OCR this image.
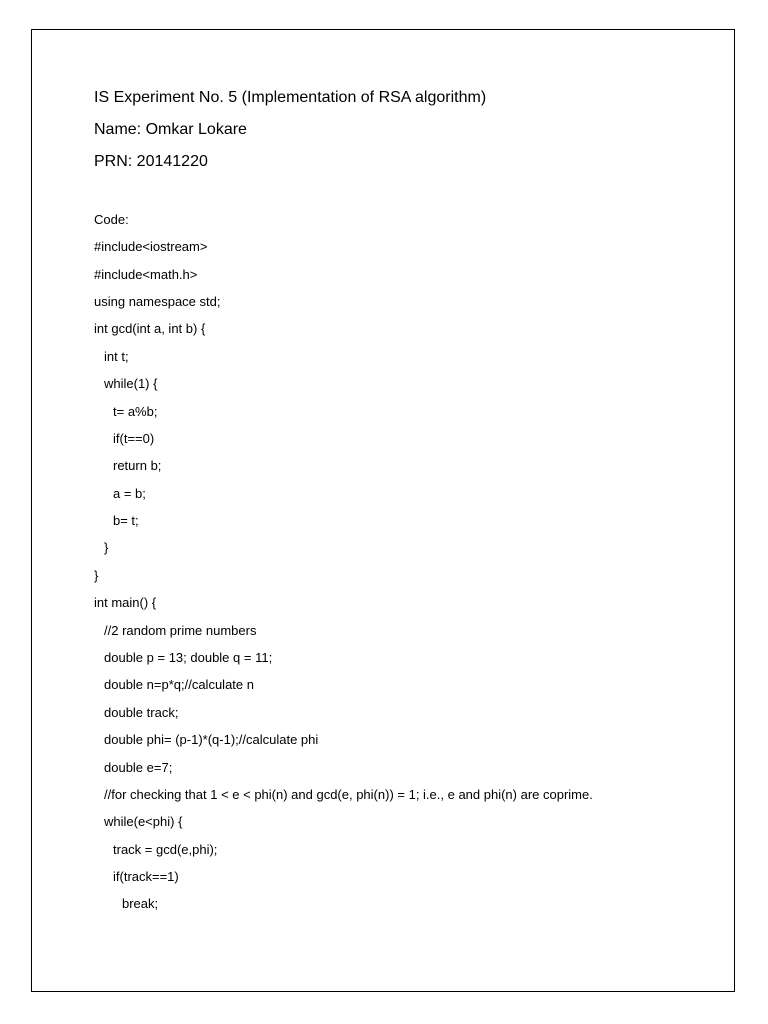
IS Experiment No. 5 (Implementation of RSA algorithm)
Name: Omkar Lokare
PRN: 20141220
Code:
#include<iostream>
#include<math.h>
using namespace std;
int gcd(int a, int b) {
int t;
while(1) {
t= a%b;
if(t==0)
return b;
a = b;
b= t;
}
}
int main() {
//2 random prime numbers
double p = 13; double q = 11;
double n=p*q;//calculate n
double track;
double phi= (p-1)*(q-1);//calculate phi
double e=7;
//for checking that 1 < e < phi(n) and gcd(e, phi(n)) = 1; i.e., e and phi(n) are coprime.
while(e<phi) {
track = gcd(e,phi);
if(track==1)
break;
